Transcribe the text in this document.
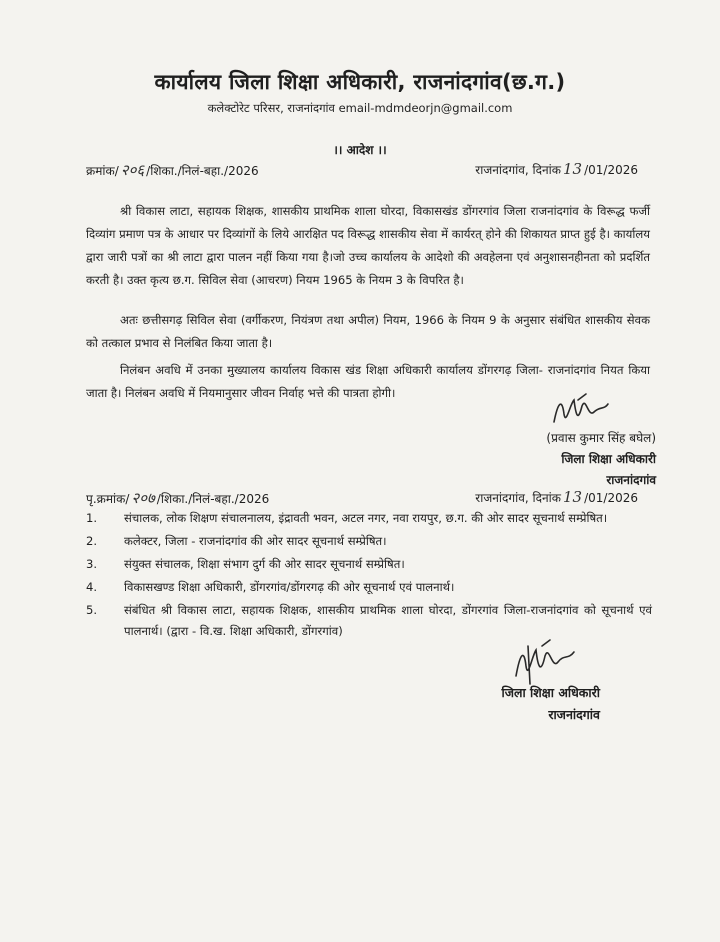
कार्यालय जिला शिक्षा अधिकारी, राजनांदगांव(छ.ग.)
कलेक्टोरेट परिसर, राजनांदगांव email-mdmdeorjn@gmail.com
।। आदेश ।।
क्रमांक/ २०६ /शिका./निलं-बहा./2026	राजनांदगांव, दिनांक 13 /01/2026
श्री विकास लाटा, सहायक शिक्षक, शासकीय प्राथमिक शाला घोरदा, विकासखंड डोंगरगांव जिला राजनांदगांव के विरूद्ध फर्जी दिव्यांग प्रमाण पत्र के आधार पर दिव्यांगों के लिये आरक्षित पद विरूद्ध शासकीय सेवा में कार्यरत् होने की शिकायत प्राप्त हुई है। कार्यालय द्वारा जारी पत्रों का श्री लाटा द्वारा पालन नहीं किया गया है।जो उच्च कार्यालय के आदेशो की अवहेलना एवं अनुशासनहीनता को प्रदर्शित करती है। उक्त कृत्य छ.ग. सिविल सेवा (आचरण) नियम 1965 के नियम 3 के विपरित है।
अतः छत्तीसगढ़ सिविल सेवा (वर्गीकरण, नियंत्रण तथा अपील) नियम, 1966 के नियम 9 के अनुसार संबंधित शासकीय सेवक को तत्काल प्रभाव से निलंबित किया जाता है।
निलंबन अवधि में उनका मुख्यालय कार्यालय विकास खंड शिक्षा अधिकारी कार्यालय डोंगरगढ़ जिला- राजनांदगांव नियत किया जाता है। निलंबन अवधि में नियमानुसार जीवन निर्वाह भत्ते की पात्रता होगी।
(प्रवास कुमार सिंह बघेल)
जिला शिक्षा अधिकारी
राजनांदगांव
पृ.क्रमांक/ २०७ /शिका./निलं-बहा./2026	राजनांदगांव, दिनांक 13 /01/2026
1.	संचालक, लोक शिक्षण संचालनालय, इंद्रावती भवन, अटल नगर, नवा रायपुर, छ.ग. की ओर सादर सूचनार्थ सम्प्रेषित।
2.	कलेक्टर, जिला - राजनांदगांव की ओर सादर सूचनार्थ सम्प्रेषित।
3.	संयुक्त संचालक, शिक्षा संभाग दुर्ग की ओर सादर सूचनार्थ सम्प्रेषित।
4.	विकासखण्ड शिक्षा अधिकारी, डोंगरगांव/डोंगरगढ़ की ओर सूचनार्थ एवं पालनार्थ।
5.	संबंधित श्री विकास लाटा, सहायक शिक्षक, शासकीय प्राथमिक शाला घोरदा, डोंगरगांव जिला-राजनांदगांव को सूचनार्थ एवं पालनार्थ। (द्वारा - वि.ख. शिक्षा अधिकारी, डोंगरगांव)
जिला शिक्षा अधिकारी
राजनांदगांव
